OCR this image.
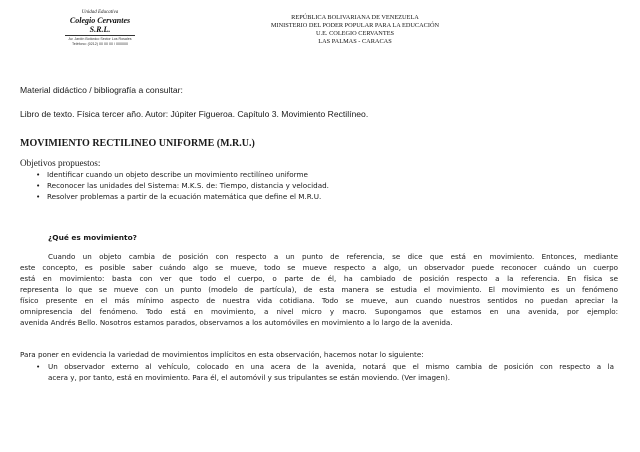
Unidad Educativa
Colegio Cervantes S.R.L.
Av. Jardín Botánico Sector Los Rosales
Teléfono: (0212) 00 00 00 / 000000
REPÚBLICA BOLIVARIANA DE VENEZUELA
MINISTERIO DEL PODER POPULAR PARA LA EDUCACIÓN
U.E. COLEGIO CERVANTES
LAS PALMAS - CARACAS
Material didáctico / bibliografía a consultar:
Libro de texto. Física tercer año. Autor: Júpiter Figueroa. Capítulo 3. Movimiento Rectilíneo.
MOVIMIENTO RECTILINEO UNIFORME (M.R.U.)
Objetivos propuestos:
• Identificar cuando un objeto describe un movimiento rectilíneo uniforme
• Reconocer las unidades del Sistema: M.K.S. de: Tiempo, distancia y velocidad.
• Resolver problemas a partir de la ecuación matemática que define el M.R.U.
¿Qué es movimiento?
Cuando un objeto cambia de posición con respecto a un punto de referencia, se dice que está en movimiento. Entonces, mediante
este concepto, es posible saber cuándo algo se mueve, todo se mueve respecto a algo, un observador puede reconocer cuándo un cuerpo
está en movimiento: basta con ver que todo el cuerpo, o parte de él, ha cambiado de posición respecto a la referencia. En física se
representa lo que se mueve con un punto (modelo de partícula), de esta manera se estudia el movimiento. El movimiento es un fenómeno
físico presente en el más mínimo aspecto de nuestra vida cotidiana. Todo se mueve, aun cuando nuestros sentidos no puedan apreciar la
omnipresencia del fenómeno. Todo está en movimiento, a nivel micro y macro. Supongamos que estamos en una avenida, por ejemplo:
avenida Andrés Bello. Nosotros estamos parados, observamos a los automóviles en movimiento a lo largo de la avenida.
Para poner en evidencia la variedad de movimientos implícitos en esta observación, hacemos notar lo siguiente:
• Un observador externo al vehículo, colocado en una acera de la avenida, notará que el mismo cambia de posición con respecto a la
acera y, por tanto, está en movimiento. Para él, el automóvil y sus tripulantes se están moviendo. (Ver imagen).
